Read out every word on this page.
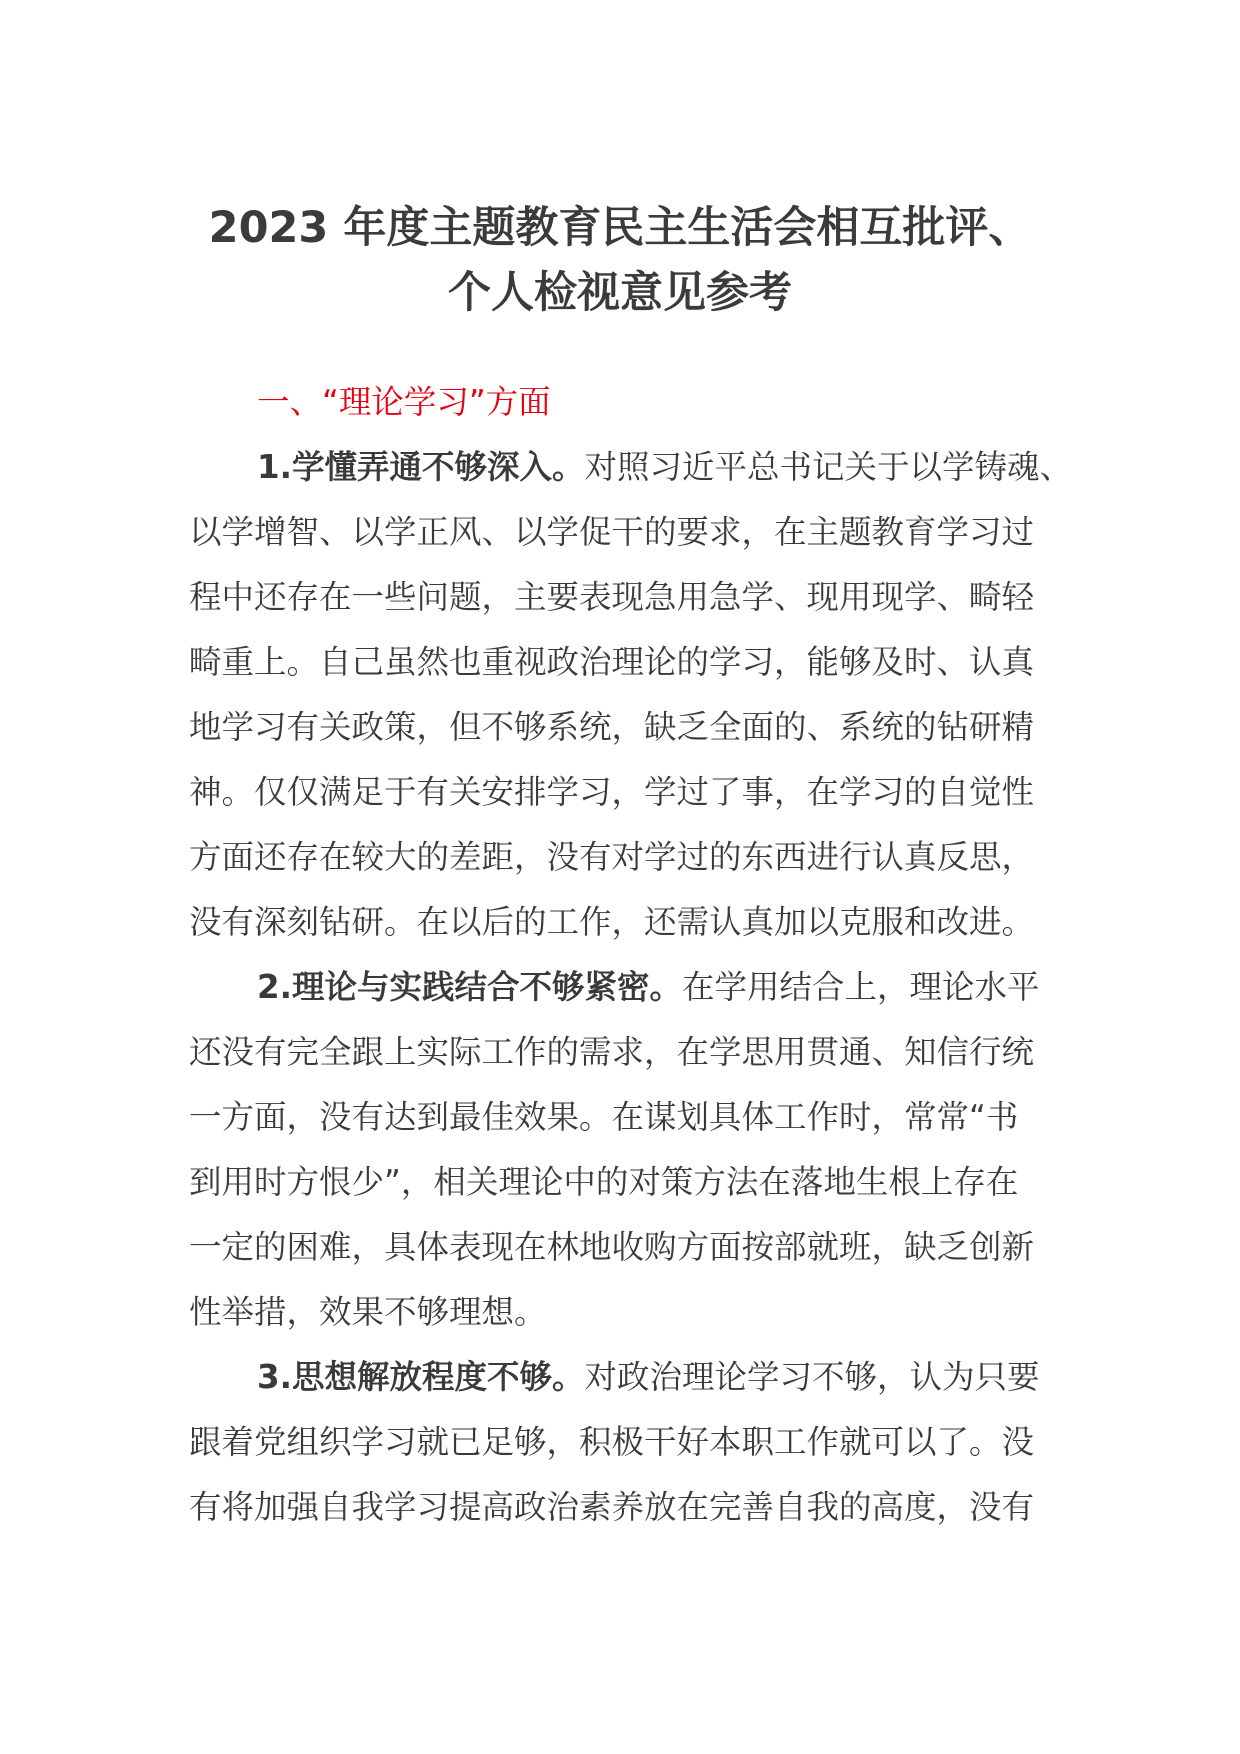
2023 年度主题教育民主生活会相互批评、
个人检视意见参考
一、“理论学习”方面

1.学懂弄通不够深入。对照习近平总书记关于以学铸魂、
以学增智、以学正风、以学促干的要求，在主题教育学习过
程中还存在一些问题，主要表现急用急学、现用现学、畸轻
畸重上。自己虽然也重视政治理论的学习，能够及时、认真
地学习有关政策，但不够系统，缺乏全面的、系统的钻研精
神。仅仅满足于有关安排学习，学过了事，在学习的自觉性
方面还存在较大的差距，没有对学过的东西进行认真反思，
没有深刻钻研。在以后的工作，还需认真加以克服和改进。

2.理论与实践结合不够紧密。在学用结合上，理论水平
还没有完全跟上实际工作的需求，在学思用贯通、知信行统
一方面，没有达到最佳效果。在谋划具体工作时，常常“书
到用时方恨少”，相关理论中的对策方法在落地生根上存在
一定的困难，具体表现在林地收购方面按部就班，缺乏创新
性举措，效果不够理想。

3.思想解放程度不够。对政治理论学习不够，认为只要
跟着党组织学习就已足够，积极干好本职工作就可以了。没
有将加强自我学习提高政治素养放在完善自我的高度，没有
